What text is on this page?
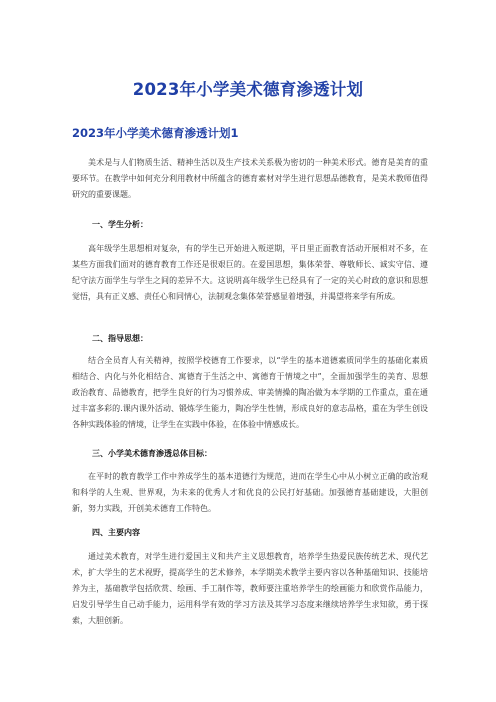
2023年小学美术德育渗透计划
2023年小学美术德育渗透计划1
美术是与人们物质生活、精神生活以及生产技术关系极为密切的一种美术形式。德育是美育的重要环节。在教学中如何充分利用教材中所蕴含的德育素材对学生进行思想品德教育，是美术教师值得研究的重要课题。
一、学生分析：
高年级学生思想相对复杂，有的学生已开始进入叛逆期，平日里正面教育活动开展相对不多，在某些方面我们面对的德育教育工作还是很艰巨的。在爱国思想，集体荣誉、尊敬师长、诚实守信、遵纪守法方面学生与学生之间的差异不大。这说明高年级学生已经具有了一定的关心时政的意识和思想觉悟，具有正义感、责任心和同情心，法制观念集体荣誉感显着增强，并渴望将来学有所成。
二、指导思想：
结合全员育人有关精神，按照学校德育工作要求，以“学生的基本道德素质同学生的基础化素质相结合、内化与外化相结合、寓德育于生活之中、寓德育于情境之中”，全面加强学生的美育、思想政治教育、品德教育，把学生良好的行为习惯养成、审美情操的陶冶做为本学期的工作重点，重在通过丰富多彩的.课内课外活动、锻炼学生能力，陶冶学生性情，形成良好的意志品格，重在为学生创设各种实践体验的情境，让学生在实践中体验，在体验中情感成长。
三、小学美术德育渗透总体目标：
在平时的教育教学工作中养成学生的基本道德行为规范，进而在学生心中从小树立正确的政治观和科学的人生观、世界观，为未来的优秀人才和优良的公民打好基础。加强德育基础建设，大胆创新，努力实践，开创美术德育工作特色。
四、主要内容
通过美术教育，对学生进行爱国主义和共产主义思想教育，培养学生热爱民族传统艺术、现代艺术，扩大学生的艺术视野，提高学生的艺术修养，本学期美术教学主要内容以各种基础知识、技能培养为主，基础教学包括欣赏、绘画、手工制作等，教师要注重培养学生的绘画能力和欣赏作品能力，启发引导学生自己动手能力，运用科学有效的学习方法及其学习态度来继续培养学生求知欲，勇于探索，大胆创新。
